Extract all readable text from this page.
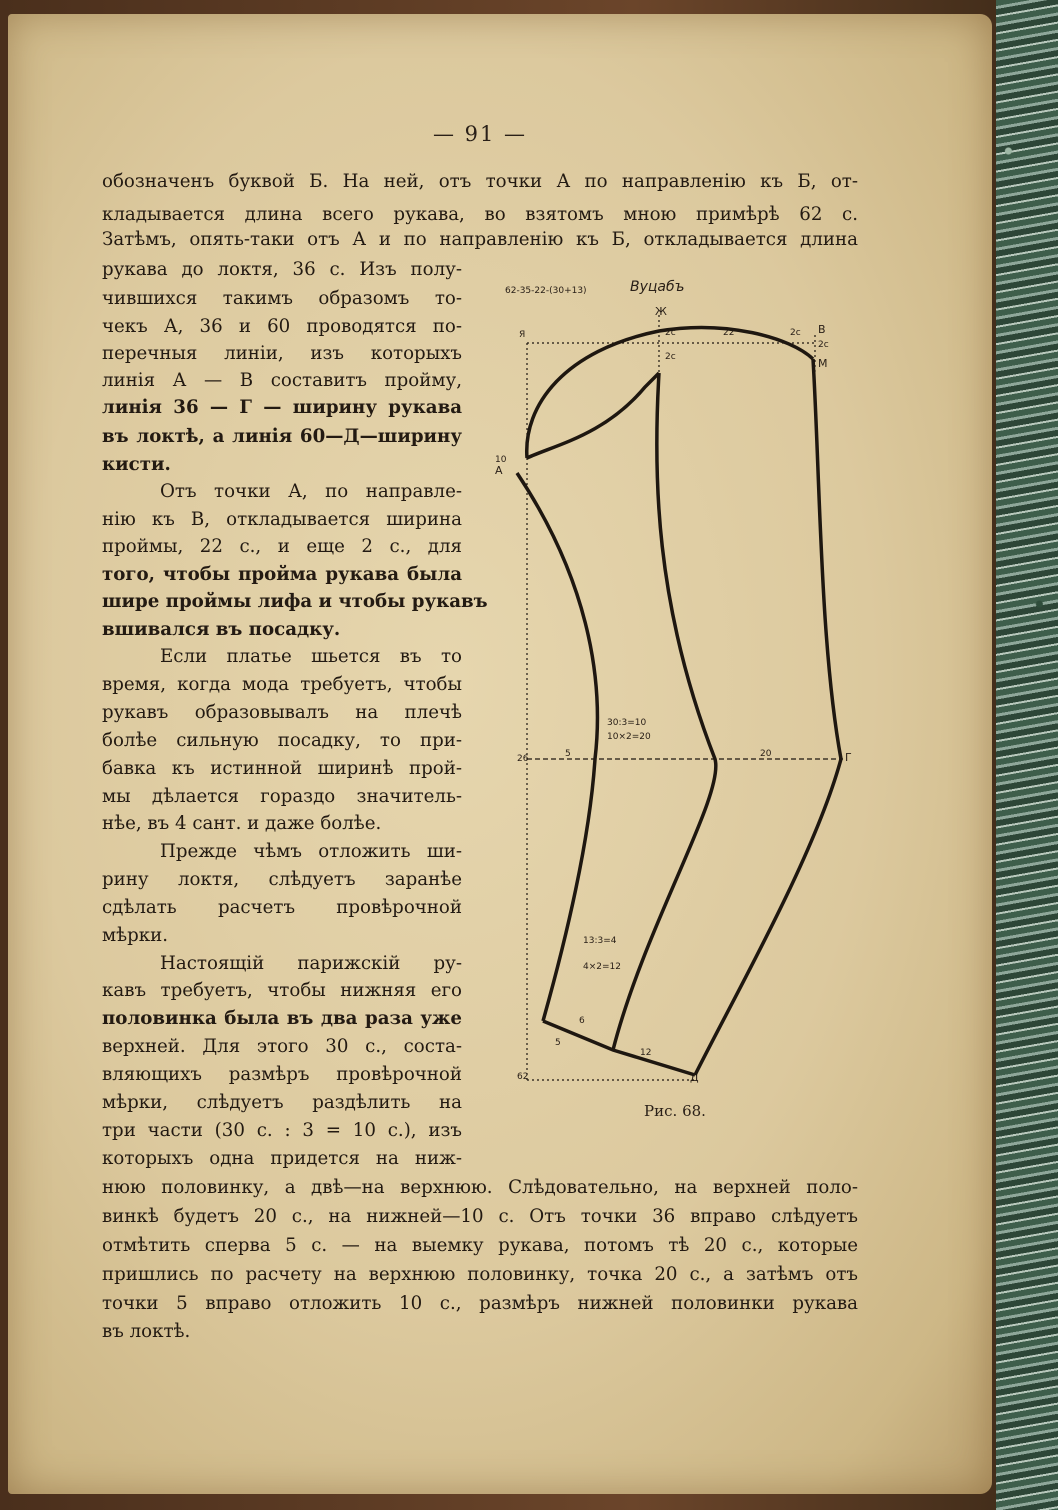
— 91 —
обозначенъ буквой Б. На ней, отъ точки А по направленію къ Б, от-
кладывается длина всего рукава, во взятомъ мною примѣрѣ 62 с.
Затѣмъ, опять-таки отъ А и по направленію къ Б, откладывается длина
рукава до локтя, 36 с. Изъ полу-
чившихся такимъ образомъ то-
чекъ А, 36 и 60 проводятся по-
перечныя линіи, изъ которыхъ
линія А — В составитъ пройму,
линія 36 — Г — ширину рукава
въ локтѣ, а линія 60—Д—ширину
кисти.
Отъ точки А, по направле-
нію къ В, откладывается ширина
проймы, 22 с., и еще 2 с., для
того, чтобы пройма рукава была
шире проймы лифа и чтобы рукавъ
вшивался въ посадку.
Если платье шьется въ то
время, когда мода требуетъ, чтобы
рукавъ образовывалъ на плечѣ
болѣе сильную посадку, то при-
бавка къ истинной ширинѣ прой-
мы дѣлается гораздо значитель-
нѣе, въ 4 сант. и даже болѣе.
Прежде чѣмъ отложить ши-
рину локтя, слѣдуетъ заранѣе
сдѣлать расчетъ провѣрочной
мѣрки.
Настоящій парижскій ру-
кавъ требуетъ, чтобы нижняя его
половинка была въ два раза уже
верхней. Для этого 30 с., соста-
вляющихъ размѣръ провѣрочной
мѣрки, слѣдуетъ раздѣлить на
три части (30 с. : 3 = 10 с.), изъ
которыхъ одна придется на ниж-
нюю половинку, а двѣ—на верхнюю. Слѣдовательно, на верхней поло-
винкѣ будетъ 20 с., на нижней—10 с. Отъ точки 36 вправо слѣдуетъ
отмѣтить сперва 5 с. — на выемку рукава, потомъ тѣ 20 с., которые
пришлись по расчету на верхнюю половинку, точка 20 с., а затѣмъ отъ
точки 5 вправо отложить 10 с., размѣръ нижней половинки рукава
въ локтѣ.
62-35-22-(30+13)	Вуцабъ
Я
Ж
В
М
10
А
26	Г
62	Д
2с
2с
2с
2с
22
5	20
5
6
12
30:3=10
10×2=20
13:3=4
4×2=12
Рис. 68.
